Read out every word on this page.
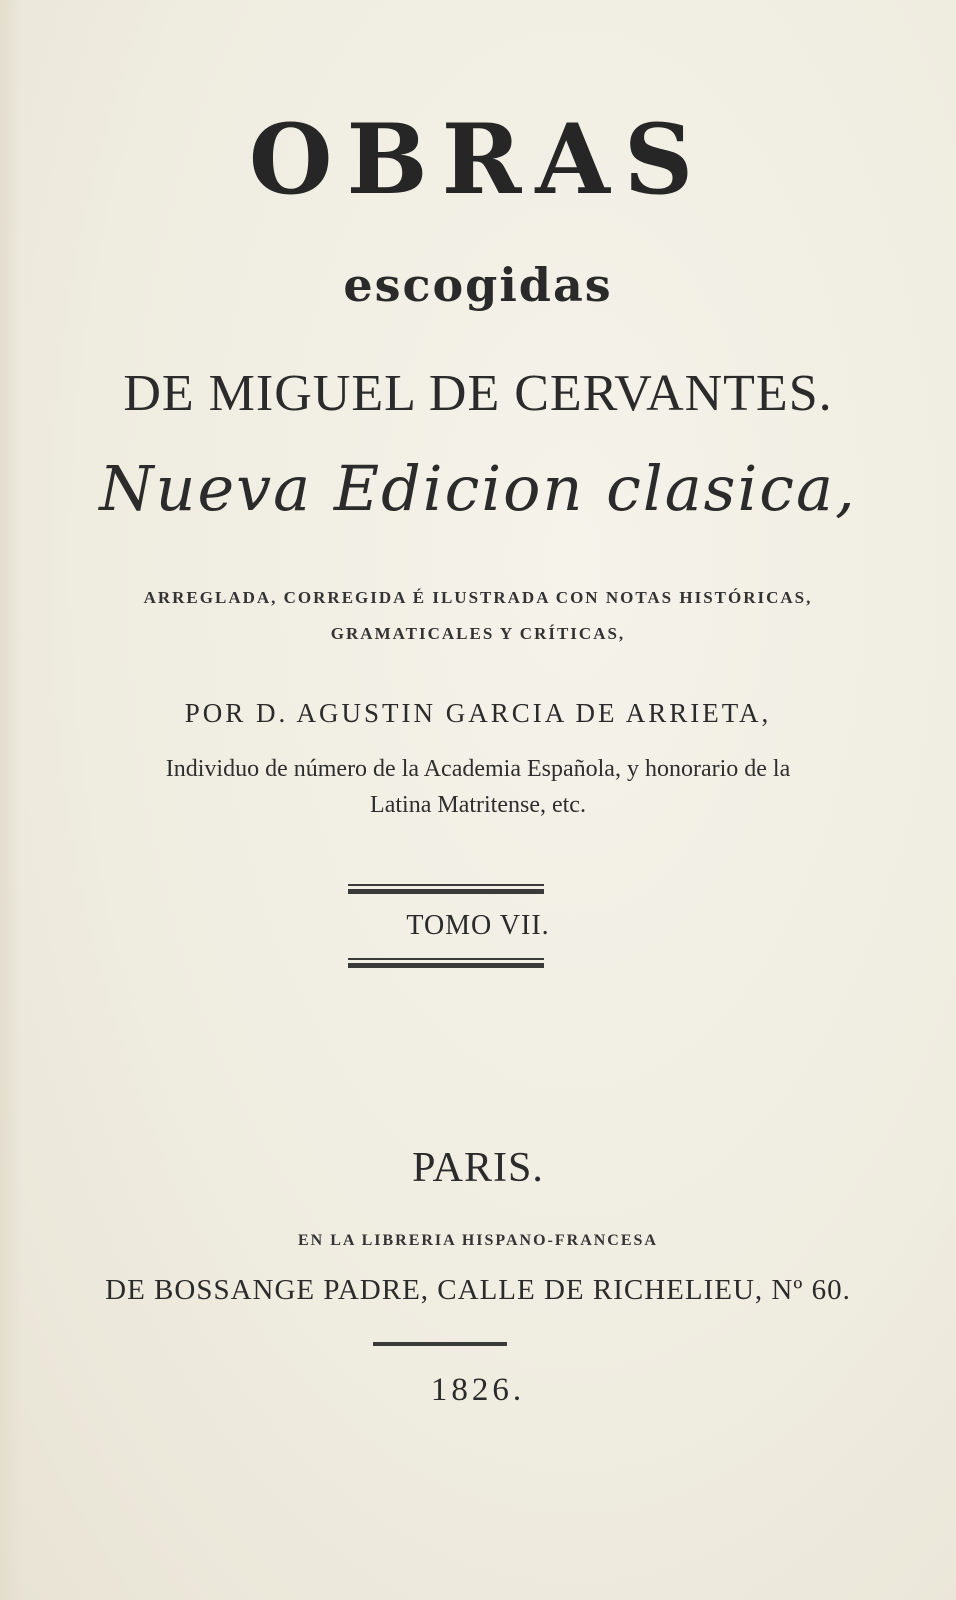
OBRAS
escogidas
DE MIGUEL DE CERVANTES.
Nueva Edicion clasica,
ARREGLADA, CORREGIDA É ILUSTRADA CON NOTAS HISTÓRICAS,
GRAMATICALES Y CRÍTICAS,
POR D. AGUSTIN GARCIA DE ARRIETA,
Individuo de número de la Academia Española, y honorario de la
Latina Matritense, etc.
TOMO VII.
PARIS.
EN LA LIBRERIA HISPANO-FRANCESA
DE BOSSANGE PADRE, CALLE DE RICHELIEU, Nº 60.
1826.
